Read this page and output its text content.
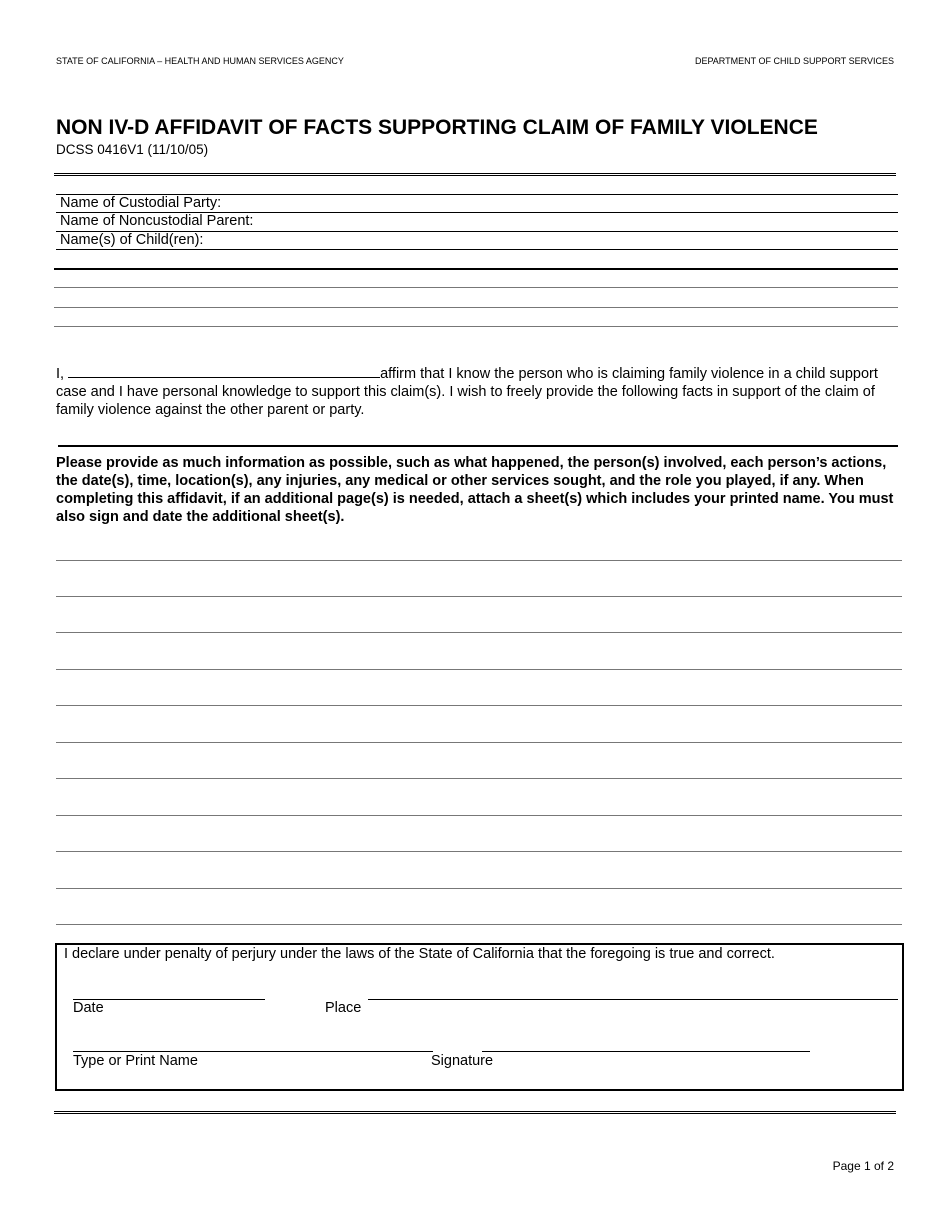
STATE OF CALIFORNIA – HEALTH AND HUMAN SERVICES AGENCY	DEPARTMENT OF CHILD SUPPORT SERVICES
NON IV-D AFFIDAVIT OF FACTS SUPPORTING CLAIM OF FAMILY VIOLENCE
DCSS 0416V1 (11/10/05)
Name of Custodial Party:
Name of Noncustodial Parent:
Name(s) of Child(ren):
I,	affirm that I know the person who is claiming family violence in a child support case and I have personal knowledge to support this claim(s). I wish to freely provide the following facts in support of the claim of family violence against the other parent or party.
Please provide as much information as possible, such as what happened, the person(s) involved, each person’s actions, the date(s), time, location(s), any injuries, any medical or other services sought, and the role you played, if any. When completing this affidavit, if an additional page(s) is needed, attach a sheet(s) which includes your printed name. You must also sign and date the additional sheet(s).
I declare under penalty of perjury under the laws of the State of California that the foregoing is true and correct.
Date	Place
Type or Print Name	Signature
Page 1 of 2
